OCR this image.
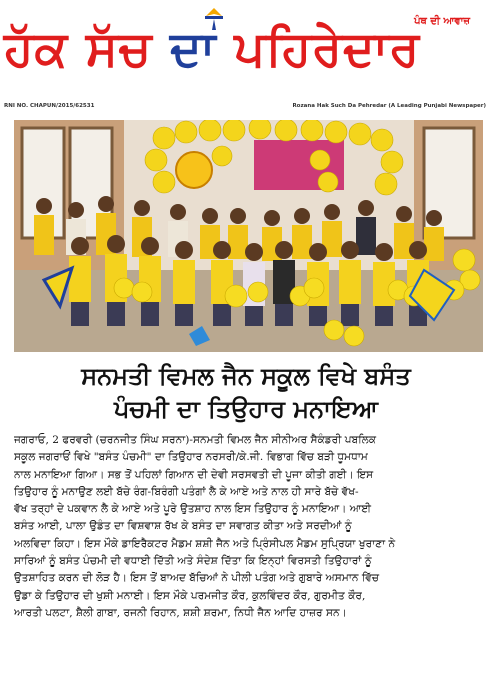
ਹੱਕ ਸੱਚ ਦਾ ਪਹਿਰੇਦਾਰ
ਪੰਥ ਦੀ ਆਵਾਜ਼
RNI NO. CHAPUN/2015/62531	Rozana Hak Such Da Pehredar (A Leading Punjabi Newspaper)
ਸਨਮਤੀ ਵਿਮਲ ਜੈਨ ਸਕੂਲ ਵਿਖੇ ਬਸੰਤ
ਪੰਚਮੀ ਦਾ ਤਿਉਹਾਰ ਮਨਾਇਆ
ਜਗਰਾਓ, 2 ਫਰਵਰੀ (ਚਰਨਜੀਤ ਸਿੰਘ ਸਰਨਾ)-ਸਨਮਤੀ ਵਿਮਲ ਜੈਨ ਸੀਨੀਅਰ ਸੈਕੰਡਰੀ ਪਬਲਿਕ
ਸਕੂਲ ਜਗਰਾਓਂ ਵਿਖੇ "ਬਸੰਤ ਪੰਚਮੀ" ਦਾ ਤਿਉਹਾਰ ਨਰਸਰੀ/ਕੇ.ਜੀ. ਵਿਭਾਗ ਵਿੱਚ ਬੜੀ ਧੂਮਧਾਮ
ਨਾਲ ਮਨਾਇਆ ਗਿਆ। ਸਭ ਤੋਂ ਪਹਿਲਾਂ ਗਿਆਨ ਦੀ ਦੇਵੀ ਸਰਸਵਤੀ ਦੀ ਪੂਜਾ ਕੀਤੀ ਗਈ। ਇਸ
ਤਿਉਹਾਰ ਨੂੰ ਮਨਾਉਣ ਲਈ ਬੱਚੇ ਰੰਗ-ਬਿਰੰਗੀ ਪਤੰਗਾਂ ਲੈ ਕੇ ਆਏ ਅਤੇ ਨਾਲ ਹੀ ਸਾਰੇ ਬੱਚੇ ਵੱਖ-
ਵੱਖ ਤਰ੍ਹਾਂ ਦੇ ਪਕਵਾਨ ਲੈ ਕੇ ਆਏ ਅਤੇ ਪੂਰੇ ਉਤਸ਼ਾਹ ਨਾਲ ਇਸ ਤਿਉਹਾਰ ਨੂੰ ਮਨਾਇਆ। ਆਈ
ਬਸੰਤ ਆਈ, ਪਾਲਾ ਉਡੰਤ ਦਾ ਵਿਸ਼ਵਾਸ਼ ਰੱਖ ਕੇ ਬਸੰਤ ਦਾ ਸਵਾਗਤ ਕੀਤਾ ਅਤੇ ਸਰਦੀਆਂ ਨੂੰ
ਅਲਵਿਦਾ ਕਿਹਾ। ਇਸ ਮੌਕੇ ਡਾਇਰੈਕਟਰ ਮੈਡਮ ਸ਼ਸ਼ੀ ਜੈਨ ਅਤੇ ਪ੍ਰਿੰਸੀਪਲ ਮੈਡਮ ਸੁਪ੍ਰਿਯਾ ਖੁਰਾਣਾ ਨੇ
ਸਾਰਿਆਂ ਨੂੰ ਬਸੰਤ ਪੰਚਮੀ ਦੀ ਵਧਾਈ ਦਿੱਤੀ ਅਤੇ ਸੰਦੇਸ਼ ਦਿੱਤਾ ਕਿ ਇਨ੍ਹਾਂ ਵਿਰਸਤੀ ਤਿਉਹਾਰਾਂ ਨੂੰ
ਉਤਸ਼ਾਹਿਤ ਕਰਨ ਦੀ ਲੋੜ ਹੈ। ਇਸ ਤੋਂ ਬਾਅਦ ਬੱਚਿਆਂ ਨੇ ਪੀਲੀ ਪਤੰਗ ਅਤੇ ਗੁਬਾਰੇ ਅਸਮਾਨ ਵਿੱਚ
ਉਡਾ ਕੇ ਤਿਉਹਾਰ ਦੀ ਖੁਸ਼ੀ ਮਨਾਈ। ਇਸ ਮੌਕੇ ਪਰਮਜੀਤ ਕੌਰ, ਕੁਲਵਿੰਦਰ ਕੌਰ, ਗੁਰਮੀਤ ਕੌਰ,
ਆਰਤੀ ਪਲਟਾ, ਸ਼ੈਲੀ ਗਾਬਾ, ਰਜਨੀ ਰਿਹਾਨ, ਸ਼ਸ਼ੀ ਸ਼ਰਮਾ, ਨਿਧੀ ਜੈਨ ਆਦਿ ਹਾਜ਼ਰ ਸਨ।
